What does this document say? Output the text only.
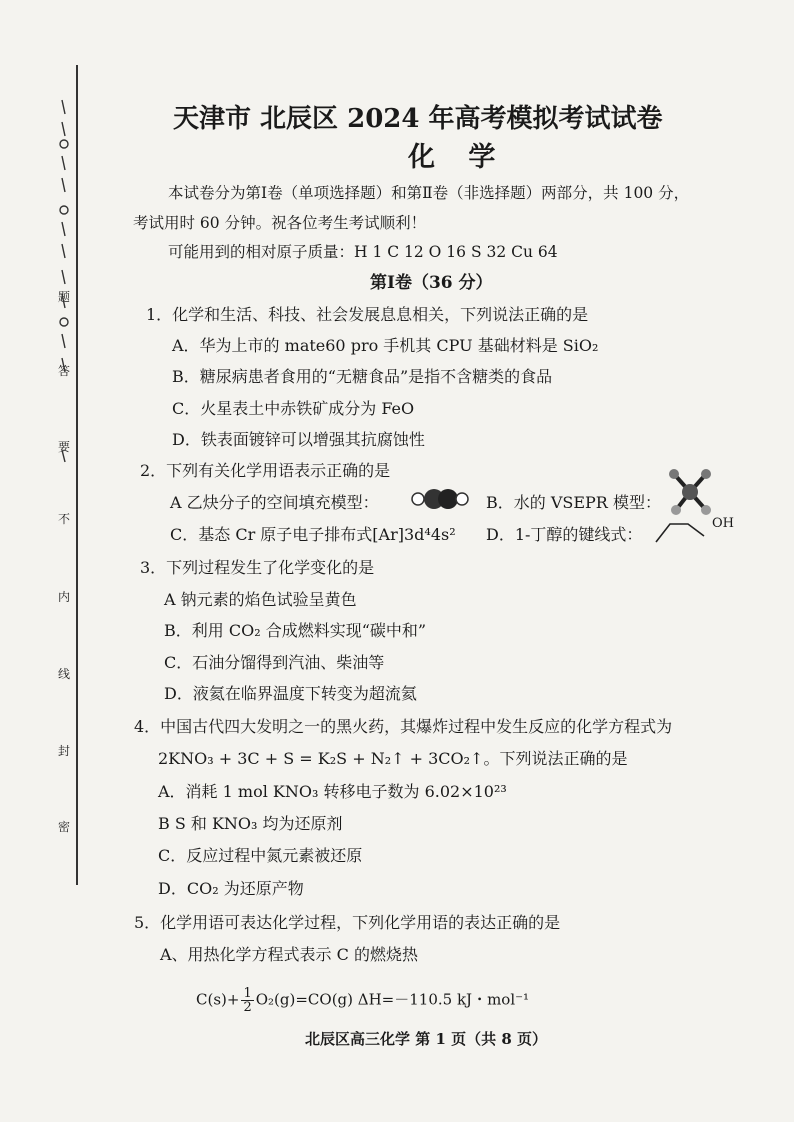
题
答
要
不
内
线
封
密
天津市 北辰区 2024 年高考模拟考试试卷
化 学
本试卷分为第Ⅰ卷（单项选择题）和第Ⅱ卷（非选择题）两部分，共 100 分，
考试用时 60 分钟。祝各位考生考试顺利！
可能用到的相对原子质量：H 1 C 12 O 16 S 32 Cu 64
第Ⅰ卷（36 分）
1．化学和生活、科技、社会发展息息相关，下列说法正确的是
A．华为上市的 mate60 pro 手机其 CPU 基础材料是 SiO₂
B．糖尿病患者食用的“无糖食品”是指不含糖类的食品
C．火星表土中赤铁矿成分为 FeO
D．铁表面镀锌可以增强其抗腐蚀性
2．下列有关化学用语表示正确的是
A 乙炔分子的空间填充模型：	B．水的 VSEPR 模型：
C．基态 Cr 原子电子排布式[Ar]3d⁴4s² D．1-丁醇的键线式：
OH
3．下列过程发生了化学变化的是
A 钠元素的焰色试验呈黄色
B．利用 CO₂ 合成燃料实现“碳中和”
C．石油分馏得到汽油、柴油等
D．液氦在临界温度下转变为超流氦
4．中国古代四大发明之一的黑火药，其爆炸过程中发生反应的化学方程式为
2KNO₃ + 3C + S = K₂S + N₂↑ + 3CO₂↑。下列说法正确的是
A．消耗 1 mol KNO₃ 转移电子数为 6.02×10²³
B S 和 KNO₃ 均为还原剂
C．反应过程中氮元素被还原
D．CO₂ 为还原产物
5．化学用语可表达化学过程，下列化学用语的表达正确的是
A、用热化学方程式表示 C 的燃烧热
$C(s)+ \frac{1}{2} O_2(g)=CO(g)$ ΔH=－110.5 kJ・mol⁻¹
北辰区高三化学 第 1 页（共 8 页）
